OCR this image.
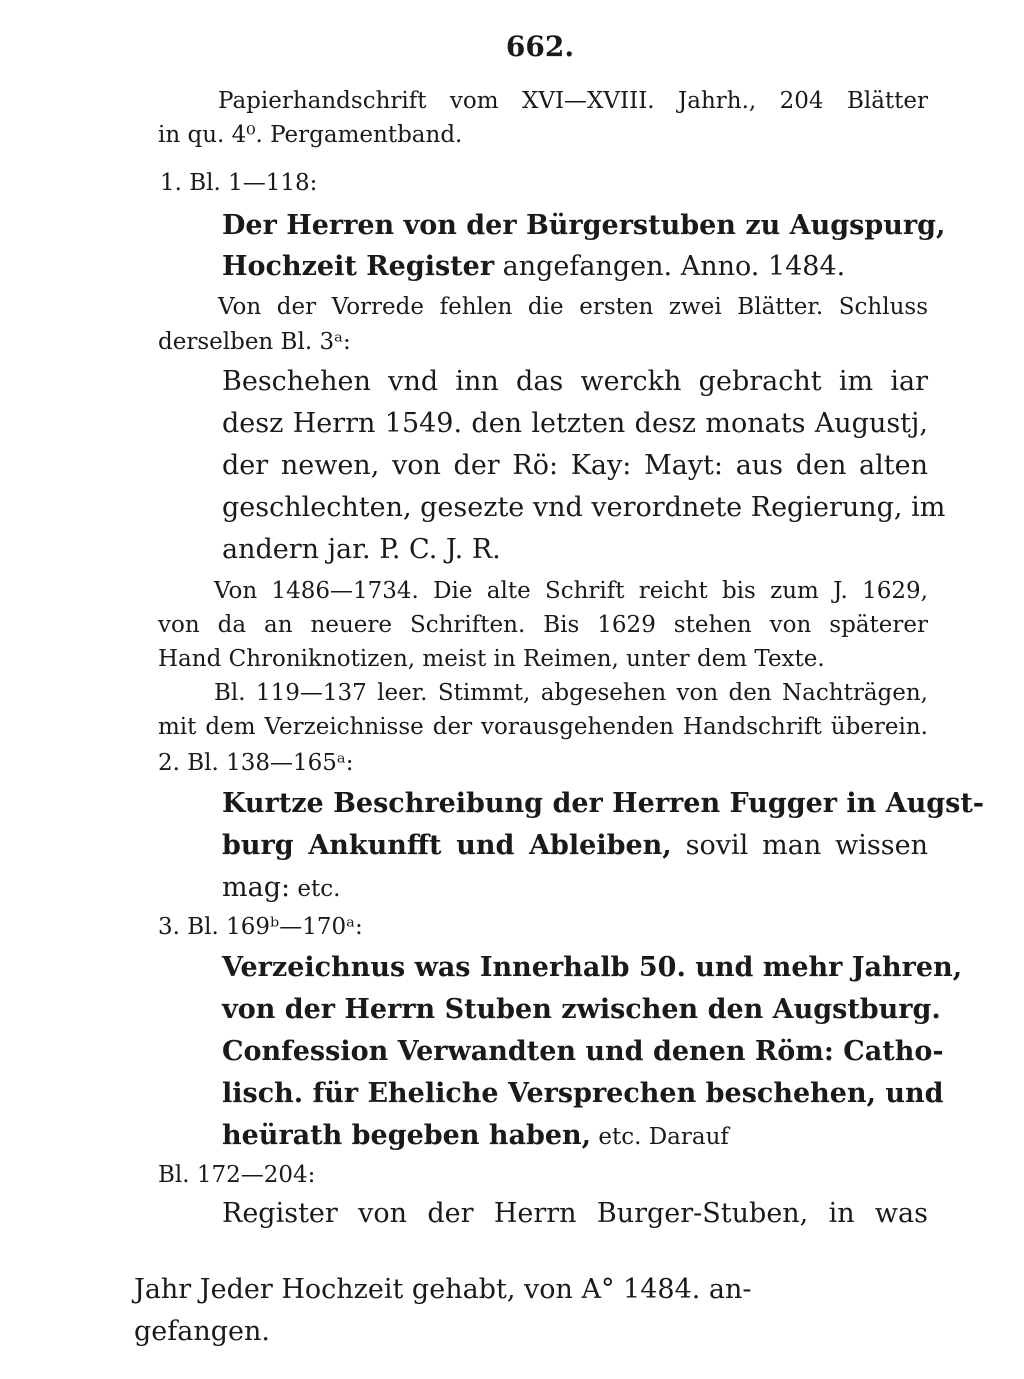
662.
Papierhandschrift vom XVI—XVIII. Jahrh., 204 Blätter
in qu. 4⁰. Pergamentband.
1. Bl. 1—118:
Der Herren von der Bürgerstuben zu Augspurg,
Hochzeit Register angefangen. Anno. 1484.
Von der Vorrede fehlen die ersten zwei Blätter. Schluss
derselben Bl. 3ᵃ:
Beschehen vnd inn das werckh gebracht im iar
desz Herrn 1549. den letzten desz monats Augustj,
der newen, von der Rö: Kay: Mayt: aus den alten
geschlechten, gesezte vnd verordnete Regierung, im
andern jar. P. C. J. R.
Von 1486—1734. Die alte Schrift reicht bis zum J. 1629,
von da an neuere Schriften. Bis 1629 stehen von späterer
Hand Chroniknotizen, meist in Reimen, unter dem Texte.
Bl. 119—137 leer. Stimmt, abgesehen von den Nachträgen,
mit dem Verzeichnisse der vorausgehenden Handschrift überein.
2. Bl. 138—165ᵃ:
Kurtze Beschreibung der Herren Fugger in Augst-
burg Ankunfft und Ableiben, sovil man wissen
mag: etc.
3. Bl. 169ᵇ—170ᵃ:
Verzeichnus was Innerhalb 50. und mehr Jahren,
von der Herrn Stuben zwischen den Augstburg.
Confession Verwandten und denen Röm: Catho-
lisch. für Eheliche Versprechen beschehen, und
heürath begeben haben, etc. Darauf
Bl. 172—204:
Register von der Herrn Burger-Stuben, in was
Jahr Jeder Hochzeit gehabt, von A° 1484. an-
gefangen.
